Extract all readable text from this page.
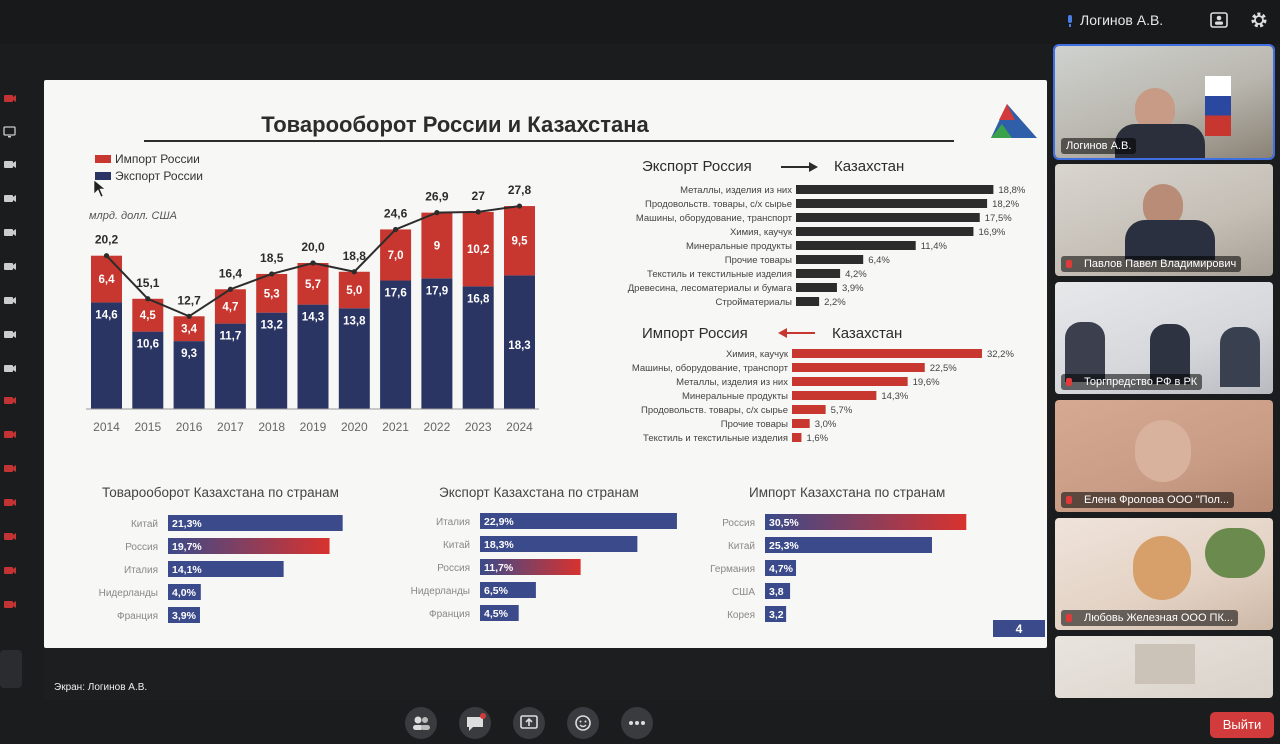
Логинов А.В.
Товарооборот России и Казахстана
Импорт России
Экспорт России
млрд. долл. США
14,6
6,4
20,2
2014
10,6
4,5
15,1
2015
9,3
3,4
12,7
2016
11,7
4,7
16,4
2017
13,2
5,3
18,5
2018
14,3
5,7
20,0
2019
13,8
5,0
18,8
2020
17,6
7,0
24,6
2021
17,9
9
26,9
2022
16,8
10,2
27
2023
18,3
9,5
27,8
2024
Экспорт Россия	Казахстан
Металлы, изделия из них	18,8%
Продовольств. товары, с/х сырье	18,2%
Машины, оборудование, транспорт	17,5%
Химия, каучук	16,9%
Минеральные продукты	11,4%
Прочие товары	6,4%
Текстиль и текстильные изделия	4,2%
Древесина, лесоматериалы и бумага	3,9%
Стройматериалы	2,2%
Импорт Россия	Казахстан
Химия, каучук	32,2%
Машины, оборудование, транспорт	22,5%
Металлы, изделия из них	19,6%
Минеральные продукты	14,3%
Продовольств. товары, с/х сырье	5,7%
Прочие товары	3,0%
Текстиль и текстильные изделия 1,6%
Товарооборот Казахстана по странам	Экспорт Казахстана по странам	Импорт Казахстана по странам
Китай 21,3%
Россия 19,7%
Италия 14,1%
Нидерланды 4,0%
Франция 3,9%
Италия 22,9%
Китай 18,3%
Россия 11,7%
Нидерланды 6,5%
Франция 4,5%
Россия 30,5%
Китай 25,3%
Германия 4,7%
США 3,8
Корея 3,2
4
Экран: Логинов А.В.
Логинов А.В.
Павлов Павел Владимирович
Торгпредство РФ в РК
Елена Фролова ООО "Пол...
Любовь Железная ООО ПК...
Выйти
